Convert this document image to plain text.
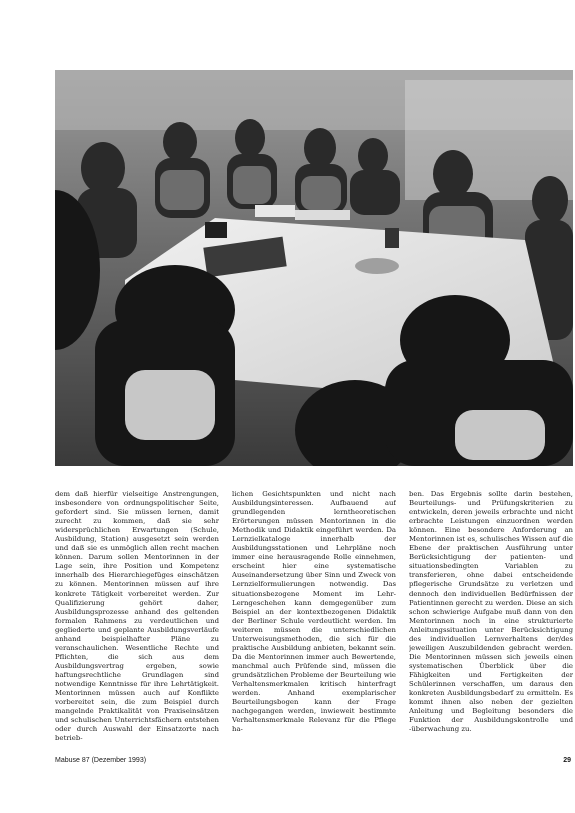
dem daß hierfür vielseitige Anstrengungen, insbesondere von ordnungspolitischer Seite, gefordert sind. Sie müssen lernen, damit zurecht zu kommen, daß sie sehr widersprüchlichen Erwartungen (Schule, Ausbildung, Station) ausgesetzt sein werden und daß sie es unmöglich allen recht machen können. Darum sollen Mentorinnen in der Lage sein, ihre Position und Kompetenz innerhalb des Hierarchiegefüges einschätzen zu können. Mentorinnen müssen auf ihre konkrete Tätigkeit vorbereitet werden. Zur Qualifizierung gehört daher, Ausbildungsprozesse anhand des geltenden formalen Rahmens zu verdeutlichen und gegliederte und geplante Ausbildungsverläufe anhand beispielhafter Pläne zu veranschaulichen. Wesentliche Rechte und Pflichten, die sich aus dem Ausbildungsvertrag ergeben, sowie haftungsrechtliche Grundlagen sind notwendige Kenntnisse für ihre Lehrtätigkeit. Mentorinnen müssen auch auf Konflikte vorbereitet sein, die zum Beispiel durch mangelnde Praktikalität von Praxiseinsätzen und schulischen Unterrichtsfächern entstehen oder durch Auswahl der Einsatzorte nach betrieb-
lichen Gesichtspunkten und nicht nach Ausbildungsinteressen. Aufbauend auf grundlegenden lerntheoretischen Erörterungen müssen Mentorinnen in die Methodik und Didaktik eingeführt werden. Da Lernzielkataloge innerhalb der Ausbildungsstationen und Lehrpläne noch immer eine herausragende Rolle einnehmen, erscheint hier eine systematische Auseinandersetzung über Sinn und Zweck von Lernzielformulierungen notwendig. Das situationsbezogene Moment im Lehr-Lerngeschehen kann demgegenüber zum Beispiel an der kontextbezogenen Didaktik der Berliner Schule verdeutlicht werden. Im weiteren müssen die unterschiedlichen Unterweisungsmethoden, die sich für die praktische Ausbildung anbieten, bekannt sein. Da die Mentorinnen immer auch Bewertende, manchmal auch Prüfende sind, müssen die grundsätzlichen Probleme der Beurteilung wie Verhaltensmerkmalen kritisch hinterfragt werden. Anhand exemplarischer Beurteilungsbogen kann der Frage nachgegangen werden, inwieweit bestimmte Verhaltensmerkmale Relevanz für die Pflege ha-
ben. Das Ergebnis sollte darin bestehen, Beurteilungs- und Prüfungskriterien zu entwickeln, deren jeweils erbrachte und nicht erbrachte Leistungen einzuordnen werden können. Eine besondere Anforderung an Mentorinnen ist es, schulisches Wissen auf die Ebene der praktischen Ausführung unter Berücksichtigung der patienten- und situationsbedingten Variablen zu transferieren, ohne dabei entscheidende pflegerische Grundsätze zu verletzen und dennoch den individuellen Bedürfnissen der Patientinnen gerecht zu werden. Diese an sich schon schwierige Aufgabe muß dann von den Mentorinnen noch in eine strukturierte Anleitungssituation unter Berücksichtigung des individuellen Lernverhaltens der/des jeweiligen Auszubildenden gebracht werden. Die Mentorinnen müssen sich jeweils einen systematischen Überblick über die Fähigkeiten und Fertigkeiten der Schülerinnen verschaffen, um daraus den konkreten Ausbildungsbedarf zu ermitteln. Es kommt ihnen also neben der gezielten Anleitung und Begleitung besonders die Funktion der Ausbildungskontrolle und -überwachung zu.
Mabuse 87 (Dezember 1993)	29
